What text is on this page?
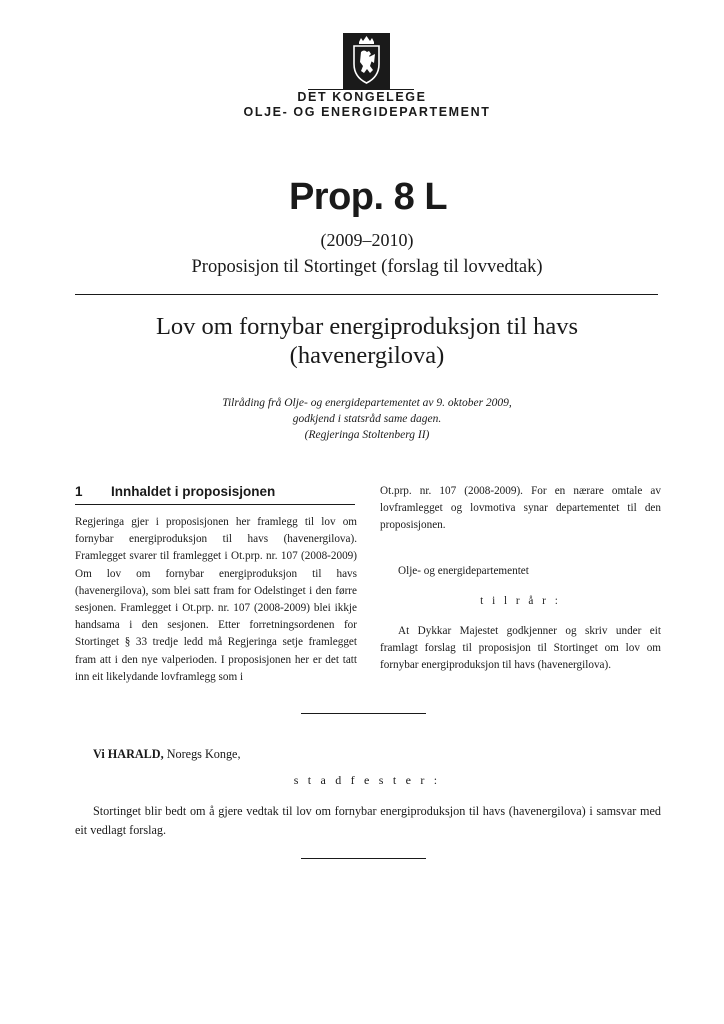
DET KONGELEGE
OLJE- OG ENERGIDEPARTEMENT
Prop. 8 L
(2009–2010)
Proposisjon til Stortinget (forslag til lovvedtak)
Lov om fornybar energiproduksjon til havs
(havenergilova)
Tilråding frå Olje- og energidepartementet av 9. oktober 2009,
godkjend i statsråd same dagen.
(Regjeringa Stoltenberg II)
1 Innhaldet i proposisjonen

Regjeringa gjer i proposisjonen her framlegg til lov om fornybar energiproduksjon til havs (havenergilova). Framlegget svarer til framlegget i Ot.prp. nr. 107 (2008-2009) Om lov om fornybar energiproduksjon til havs (havenergilova), som blei satt fram for Odelstinget i den førre sesjonen. Framlegget i Ot.prp. nr. 107 (2008-2009) blei ikkje handsama i den sesjonen. Etter forretningsordenen for Stortinget § 33 tredje ledd må Regjeringa setje framlegget fram att i den nye valperioden. I proposisjonen her er det tatt inn eit likelydande lovframlegg som i

Ot.prp. nr. 107 (2008-2009). For en nærare omtale av lovframlegget og lovmotiva synar departementet til den proposisjonen.

Olje- og energidepartementet

t i l r å r :

At Dykkar Majestet godkjenner og skriv under eit framlagt forslag til proposisjon til Stortinget om lov om fornybar energiproduksjon til havs (havenergilova).

Vi HARALD, Noregs Konge,
s t a d f e s t e r :
Stortinget blir bedt om å gjere vedtak til lov om fornybar energiproduksjon til havs (havenergilova) i samsvar med eit vedlagt forslag.
